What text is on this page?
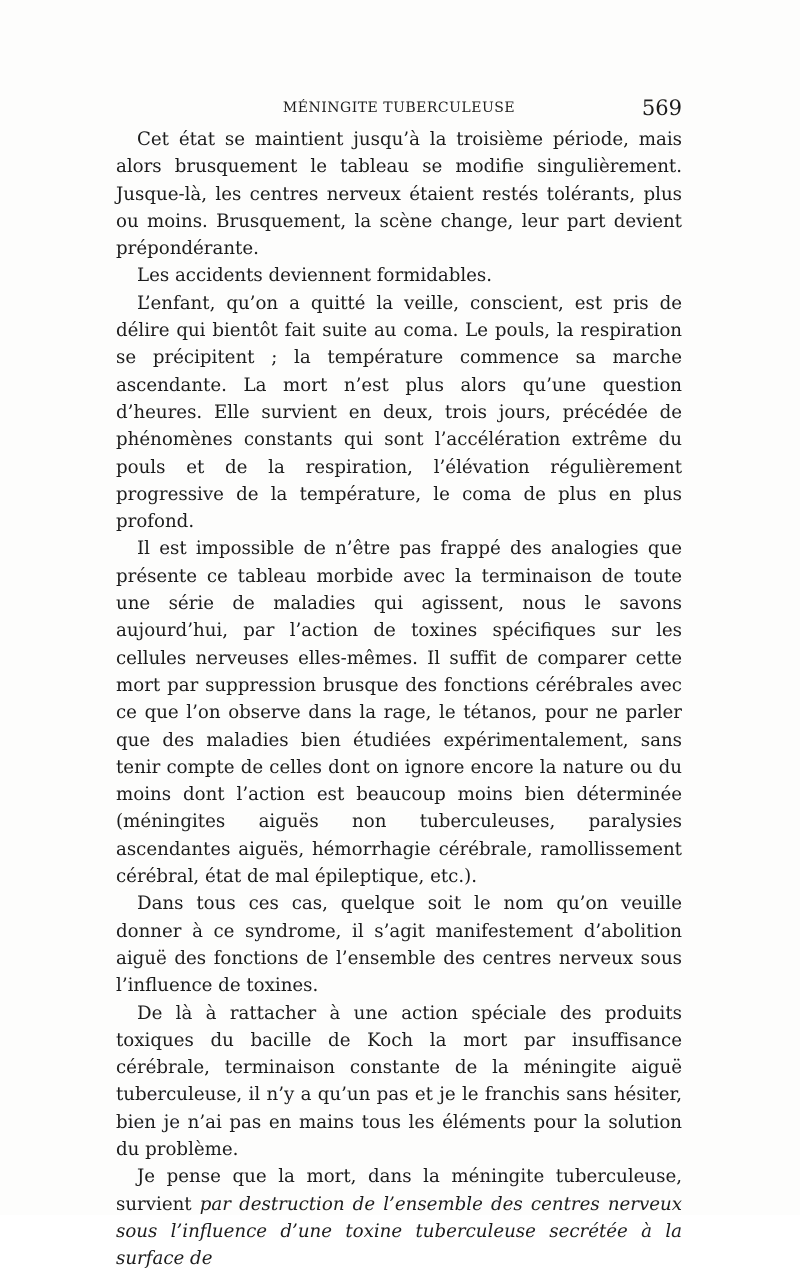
MÉNINGITE TUBERCULEUSE	569

Cet état se maintient jusqu’à la troisième période, mais alors brusquement le tableau se modifie singulièrement. Jusque-là, les centres nerveux étaient restés tolérants, plus ou moins. Brusquement, la scène change, leur part devient prépondérante.

Les accidents deviennent formidables.

L’enfant, qu’on a quitté la veille, conscient, est pris de délire qui bientôt fait suite au coma. Le pouls, la respiration se précipitent ; la température commence sa marche ascendante. La mort n’est plus alors qu’une question d’heures. Elle survient en deux, trois jours, précédée de phénomènes constants qui sont l’accélération extrême du pouls et de la respiration, l’élévation régulièrement progressive de la température, le coma de plus en plus profond.

Il est impossible de n’être pas frappé des analogies que présente ce tableau morbide avec la terminaison de toute une série de maladies qui agissent, nous le savons aujourd’hui, par l’action de toxines spécifiques sur les cellules nerveuses elles-mêmes. Il suffit de comparer cette mort par suppression brusque des fonctions cérébrales avec ce que l’on observe dans la rage, le tétanos, pour ne parler que des maladies bien étudiées expérimentalement, sans tenir compte de celles dont on ignore encore la nature ou du moins dont l’action est beaucoup moins bien déterminée (méningites aiguës non tuberculeuses, paralysies ascendantes aiguës, hémorrhagie cérébrale, ramollissement cérébral, état de mal épileptique, etc.).

Dans tous ces cas, quelque soit le nom qu’on veuille donner à ce syndrome, il s’agit manifestement d’abolition aiguë des fonctions de l’ensemble des centres nerveux sous l’influence de toxines.

De là à rattacher à une action spéciale des produits toxiques du bacille de Koch la mort par insuffisance cérébrale, terminaison constante de la méningite aiguë tuberculeuse, il n’y a qu’un pas et je le franchis sans hésiter, bien je n’ai pas en mains tous les éléments pour la solution du problème.

Je pense que la mort, dans la méningite tuberculeuse, survient par destruction de l’ensemble des centres nerveux sous l’influence d’une toxine tuberculeuse secrétée à la surface de
